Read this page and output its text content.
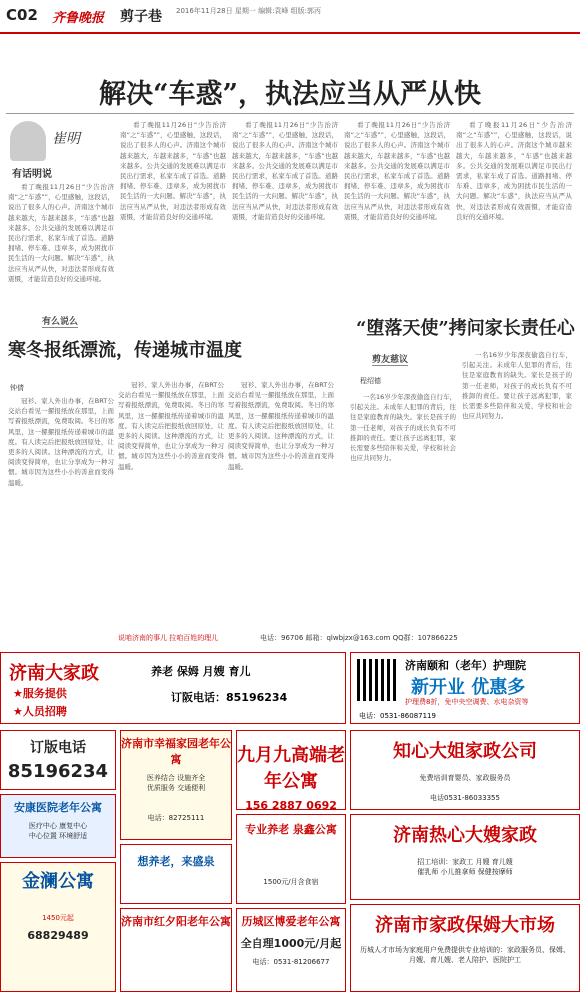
C02 齐鲁晚报 剪子巷 2016年11月28日 星期一 编辑:袁峰 组版:郭丙
解决“车惑”，执法应当从严从快
崔明
有话明说

看了晚报11月26日“少告治济南“之“车惑””，心里感触，这段话，说出了很多人的心声。济南这个城市越来越大，车越来越多，“车惑”也越来越多。公共交通的发展难以满足市民出行需求，私家车成了首选。道路拥堵、停车难、违章多，成为困扰市民生活的一大问题。解决“车惑”，执法应当从严从快，对违法者形成有效震慑，才能营造良好的交通环境。

看了晚报11月26日“少告治济南“之“车惑””，心里感触，这段话，说出了很多人的心声。济南这个城市越来越大，车越来越多，“车惑”也越来越多。公共交通的发展难以满足市民出行需求，私家车成了首选。道路拥堵、停车难、违章多，成为困扰市民生活的一大问题。解决“车惑”，执法应当从严从快，对违法者形成有效震慑，才能营造良好的交通环境。

看了晚报11月26日“少告治济南“之“车惑””，心里感触，这段话，说出了很多人的心声。济南这个城市越来越大，车越来越多，“车惑”也越来越多。公共交通的发展难以满足市民出行需求，私家车成了首选。道路拥堵、停车难、违章多，成为困扰市民生活的一大问题。解决“车惑”，执法应当从严从快，对违法者形成有效震慑，才能营造良好的交通环境。

看了晚报11月26日“少告治济南“之“车惑””，心里感触，这段话，说出了很多人的心声。济南这个城市越来越大，车越来越多，“车惑”也越来越多。公共交通的发展难以满足市民出行需求，私家车成了首选。道路拥堵、停车难、违章多，成为困扰市民生活的一大问题。解决“车惑”，执法应当从严从快，对违法者形成有效震慑，才能营造良好的交通环境。

看了晚报11月26日“少告治济南“之“车惑””，心里感触，这段话，说出了很多人的心声。济南这个城市越来越大，车越来越多，“车惑”也越来越多。公共交通的发展难以满足市民出行需求，私家车成了首选。道路拥堵、停车难、违章多，成为困扰市民生活的一大问题。解决“车惑”，执法应当从严从快，对违法者形成有效震慑，才能营造良好的交通环境。

有么说么
寒冬报纸漂流，传递城市温度
钟倩

冠衫、家人外出办事，在BRT公交站台看见一摞报纸放在那里，上面写着报纸漂流，免费取阅。冬日的寒风里，这一摞摞报纸传递着城市的温度。有人读完后把报纸放回原处，让更多的人阅读。这种漂流的方式，让阅读变得简单，也让分享成为一种习惯。城市因为这些小小的善意而变得温暖。

冠衫、家人外出办事，在BRT公交站台看见一摞报纸放在那里，上面写着报纸漂流，免费取阅。冬日的寒风里，这一摞摞报纸传递着城市的温度。有人读完后把报纸放回原处，让更多的人阅读。这种漂流的方式，让阅读变得简单，也让分享成为一种习惯。城市因为这些小小的善意而变得温暖。

冠衫、家人外出办事，在BRT公交站台看见一摞报纸放在那里，上面写着报纸漂流，免费取阅。冬日的寒风里，这一摞摞报纸传递着城市的温度。有人读完后把报纸放回原处，让更多的人阅读。这种漂流的方式，让阅读变得简单，也让分享成为一种习惯。城市因为这些小小的善意而变得温暖。

“堕落天使”拷问家长责任心
剪友慈议
程绍德

一名16岁少年深夜偷盗自行车，引起关注。未成年人犯罪的背后，往往是家庭教育的缺失。家长是孩子的第一任老师，对孩子的成长负有不可推卸的责任。要让孩子远离犯罪，家长需要多些陪伴和关爱，学校和社会也应共同努力。

一名16岁少年深夜偷盗自行车，引起关注。未成年人犯罪的背后，往往是家庭教育的缺失。家长是孩子的第一任老师，对孩子的成长负有不可推卸的责任。要让孩子远离犯罪，家长需要多些陪伴和关爱，学校和社会也应共同努力。

说咱济南的事儿 拉咱百姓的理儿	电话：96706 邮箱：qlwbjzx@163.com QQ群：107866225
济南大家政	养老 保姆 月嫂 育儿
★服务提供
★人员招聘
订阪电话：85196234
济南颐和（老年）护理院
新开业 优惠多
护理费8折，免中央空调费、水电杂资等
电话：0531-86087119
订版电话
85196234
济南市幸福家园老年公寓
医养结合 设施齐全
优质服务 交通便利
电话：82725111
九月九高端老年公寓
156 2887 0692
知心大姐家政公司
免费培训育婴员、家政服务员
电话0531-86033355
安康医院老年公寓
医疗中心 康复中心
中心位置 环境舒适
想养老，来盛泉
专业养老 泉鑫公寓
1500元/月含食宿
济南热心大嫂家政
招工培训：家政工 月嫂 育儿嫂
催乳师 小儿推拿师 保健按摩师
金澜公寓
1450元起
68829489
济南市红夕阳老年公寓 历城区博爱老年公寓
全自理1000元/月起
电话：0531-81206677
济南市家政保姆大市场
历城人才市场为家庭用户免费提供专业培训的：家政服务员、保姆、月嫂、育儿嫂、老人陪护、医院护工
